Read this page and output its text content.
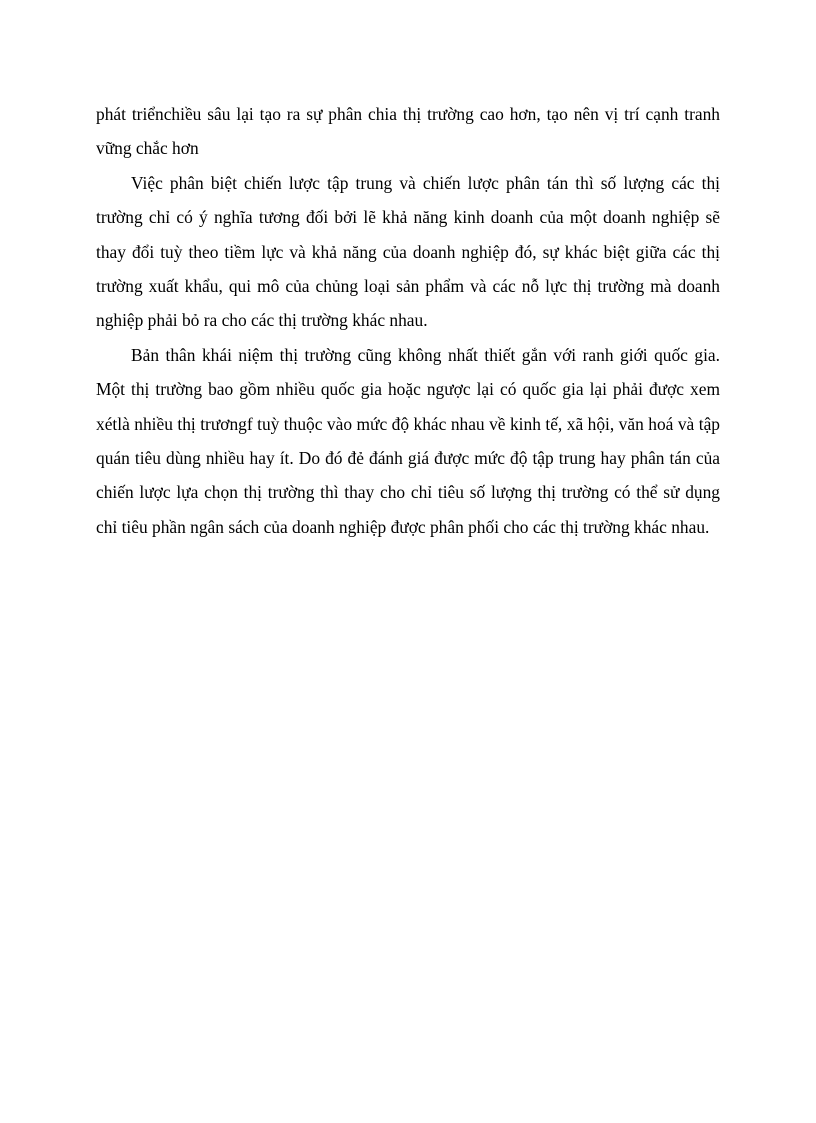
phát triểnchiều sâu lại tạo ra sự phân chia thị trường cao hơn, tạo nên vị trí cạnh tranh vững chắc hơn

Việc phân biệt chiến lược tập trung và chiến lược phân tán thì số lượng các thị trường chỉ có ý nghĩa tương đối bởi lẽ khả năng kinh doanh của một doanh nghiệp sẽ thay đổi tuỳ theo tiềm lực và khả năng của doanh nghiệp đó, sự khác biệt giữa các thị trường xuất khẩu, qui mô của chủng loại sản phẩm và các nỗ lực thị trường mà doanh nghiệp phải bỏ ra cho các thị trường khác nhau.

Bản thân khái niệm thị trường cũng không nhất thiết gắn với ranh giới quốc gia. Một thị trường bao gồm nhiều quốc gia hoặc ngược lại có quốc gia lại phải được xem xétlà nhiều thị trươngf tuỳ thuộc vào mức độ khác nhau về kinh tế, xã hội, văn hoá và tập quán tiêu dùng nhiều hay ít. Do đó đẻ đánh giá được mức độ tập trung hay phân tán của chiến lược lựa chọn thị trường thì thay cho chỉ tiêu số lượng thị trường có thể sử dụng chỉ tiêu phần ngân sách của doanh nghiệp được phân phối cho các thị trường khác nhau.
